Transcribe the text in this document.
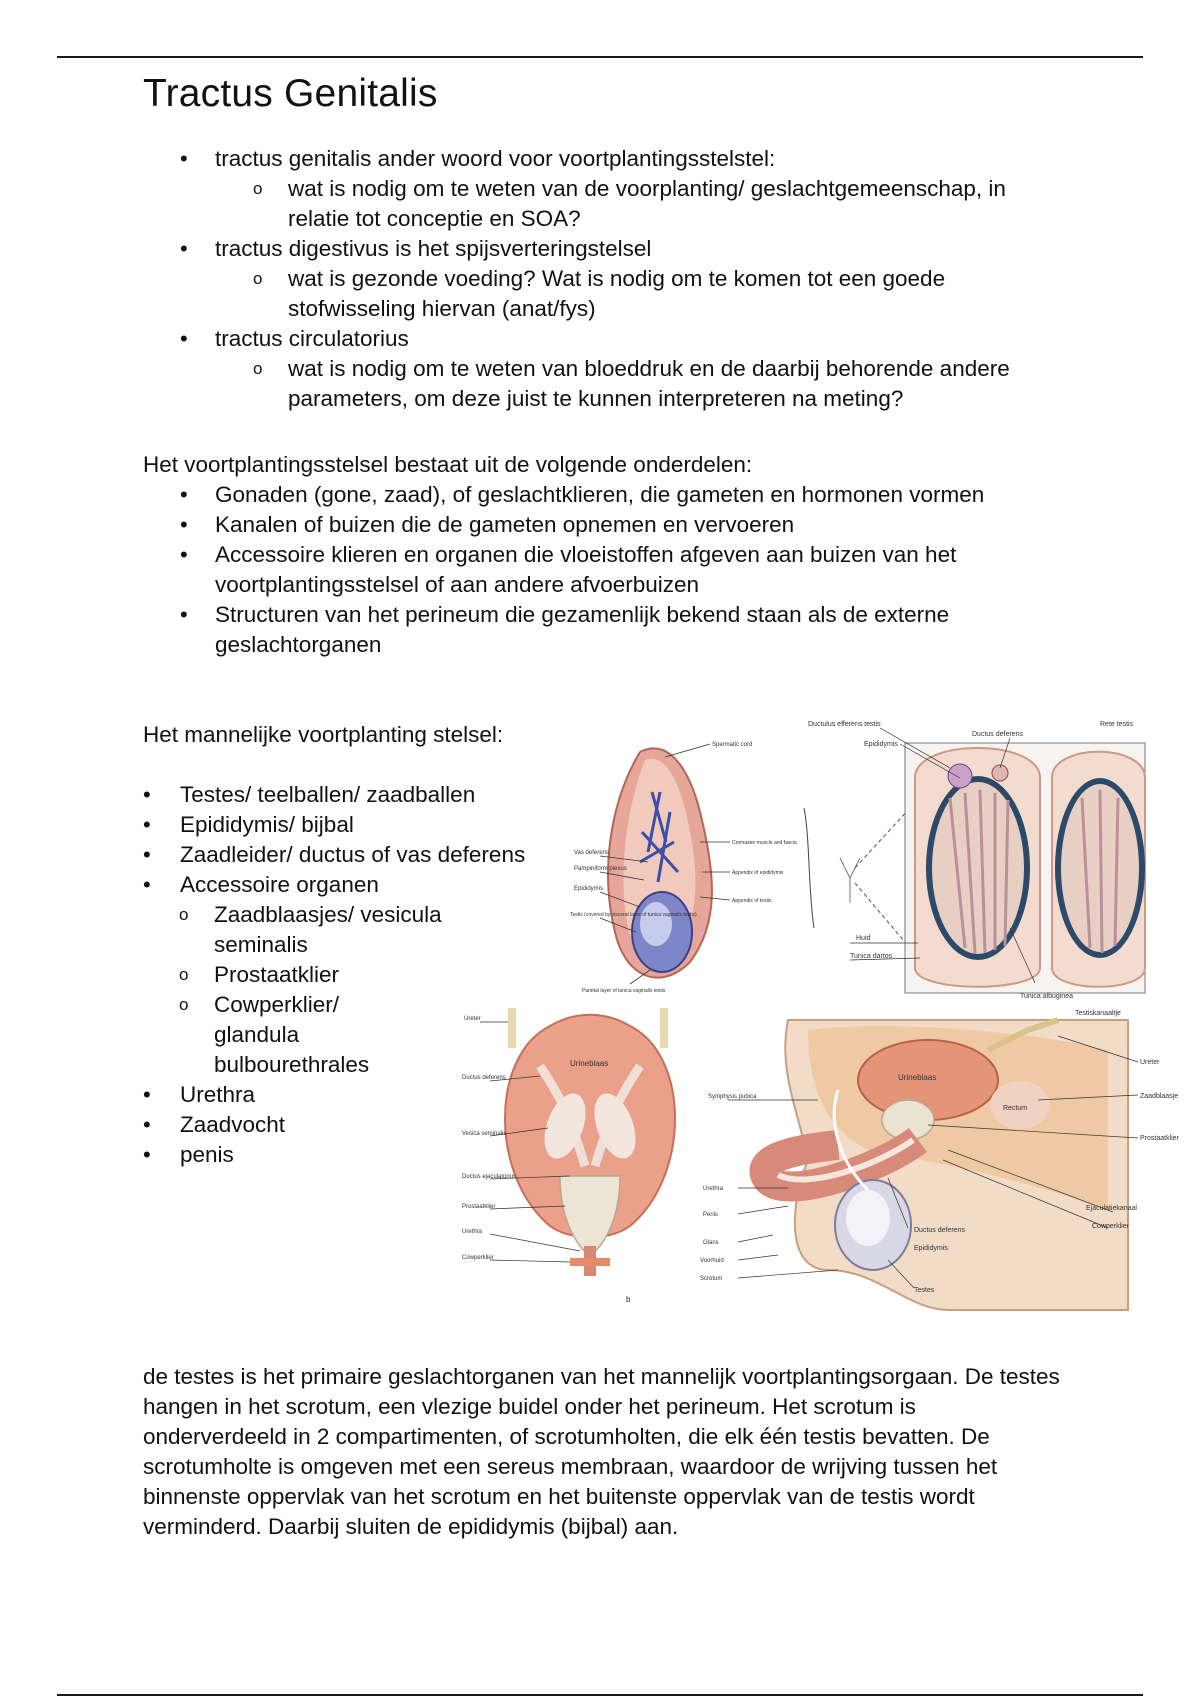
Tractus Genitalis
• tractus genitalis ander woord voor voortplantingsstelstel:
o wat is nodig om te weten van de voorplanting/ geslachtgemeenschap, in relatie tot conceptie en SOA?
• tractus digestivus is het spijsverteringstelsel
o wat is gezonde voeding? Wat is nodig om te komen tot een goede stofwisseling hiervan (anat/fys)
• tractus circulatorius
o wat is nodig om te weten van bloeddruk en de daarbij behorende andere parameters, om deze juist te kunnen interpreteren na meting?
Het voortplantingsstelsel bestaat uit de volgende onderdelen:
• Gonaden (gone, zaad), of geslachtklieren, die gameten en hormonen vormen
• Kanalen of buizen die de gameten opnemen en vervoeren
• Accessoire klieren en organen die vloeistoffen afgeven aan buizen van het voortplantingsstelsel of aan andere afvoerbuizen
• Structuren van het perineum die gezamenlijk bekend staan als de externe geslachtorganen
Het mannelijke voortplanting stelsel:
• Testes/ teelballen/ zaadballen
• Epididymis/ bijbal
• Zaadleider/ ductus of vas deferens
• Accessoire organen
o Zaadblaasjes/ vesicula seminalis
o Prostaatklier
o Cowperklier/ glandula bulbourethrales
• Urethra
• Zaadvocht
• penis
Spermatic cord
Vas deferens
Pampiniform plexus
Epididymis
Testis (covered by visceral layer of tunica vaginalis testis)
Parietal layer of tunica vaginalis testis
Cremaster muscle and fascia
Appendix of epididymis
Appendix of testis
Ductulus efferens testis
Epididymis
Ductus deferens
Rete testis
Huid
Tunica dartos
Tunica albuginea
Testiskanaaltje
Urineblaas
Ureter
Ductus deferens
Vesica seminalis
Ductus ejaculatorius
Prostaatklier
Urethra
Cowperklier
b
Urineblaas
Rectum
Ureter
Zaadblaasje
Prostaatklier
Symphysis pubica
Urethra
Penis
Glans
Voorhuid
Scrotum
Ductus deferens
Epididymis
Testes
Ejaculatiekanaal
Cowperklier

de testes is het primaire geslachtorganen van het mannelijk voortplantingsorgaan. De testes hangen in het scrotum, een vlezige buidel onder het perineum. Het scrotum is onderverdeeld in 2 compartimenten, of scrotumholten, die elk één testis bevatten. De scrotumholte is omgeven met een sereus membraan, waardoor de wrijving tussen het binnenste oppervlak van het scrotum en het buitenste oppervlak van de testis wordt verminderd. Daarbij sluiten de epididymis (bijbal) aan.
